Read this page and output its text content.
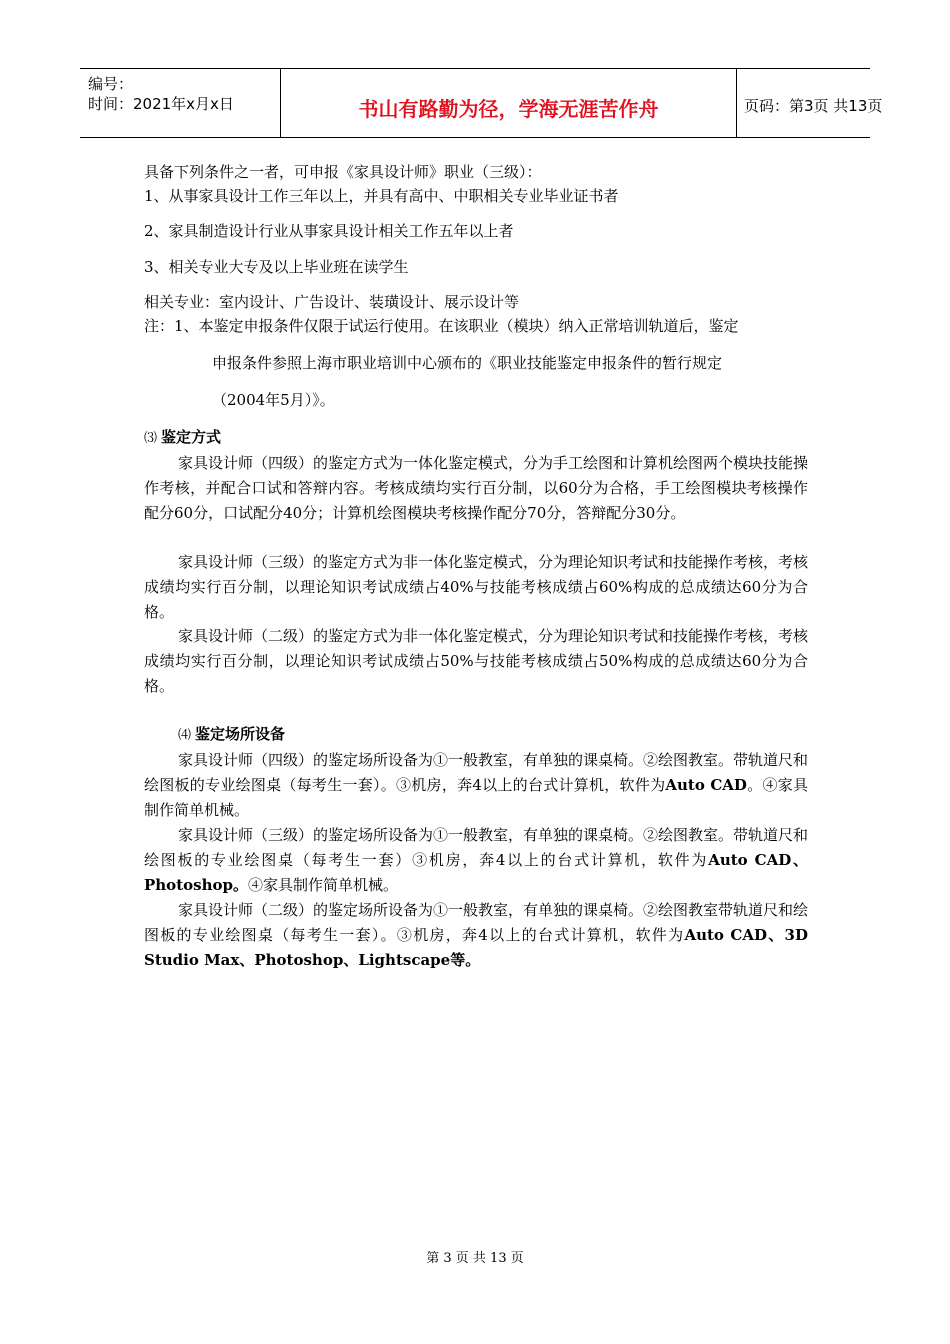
编号：
时间：2021年x月x日	书山有路勤为径，学海无涯苦作舟	页码：第3页 共13页
具备下列条件之一者，可申报《家具设计师》职业（三级）：
1、从事家具设计工作三年以上，并具有高中、中职相关专业毕业证书者
2、家具制造设计行业从事家具设计相关工作五年以上者
3、相关专业大专及以上毕业班在读学生
相关专业：室内设计、广告设计、装璜设计、展示设计等
注：1、本鉴定申报条件仅限于试运行使用。在该职业（模块）纳入正常培训轨道后，鉴定
申报条件参照上海市职业培训中心颁布的《职业技能鉴定申报条件的暂行规定
（2004年5月）》。
⑶ 鉴定方式
家具设计师（四级）的鉴定方式为一体化鉴定模式，分为手工绘图和计算机绘图两个模块技能操作考核，并配合口试和答辩内容。考核成绩均实行百分制，以60分为合格，手工绘图模块考核操作配分60分，口试配分40分；计算机绘图模块考核操作配分70分，答辩配分30分。
家具设计师（三级）的鉴定方式为非一体化鉴定模式，分为理论知识考试和技能操作考核，考核成绩均实行百分制，以理论知识考试成绩占40%与技能考核成绩占60%构成的总成绩达60分为合格。
家具设计师（二级）的鉴定方式为非一体化鉴定模式，分为理论知识考试和技能操作考核，考核成绩均实行百分制，以理论知识考试成绩占50%与技能考核成绩占50%构成的总成绩达60分为合格。
⑷ 鉴定场所设备
家具设计师（四级）的鉴定场所设备为①一般教室，有单独的课桌椅。②绘图教室。带轨道尺和绘图板的专业绘图桌（每考生一套）。③机房，奔4以上的台式计算机，软件为Auto CAD。④家具制作简单机械。
家具设计师（三级）的鉴定场所设备为①一般教室，有单独的课桌椅。②绘图教室。带轨道尺和绘图板的专业绘图桌（每考生一套）③机房，奔4以上的台式计算机，软件为Auto CAD、Photoshop。④家具制作简单机械。
家具设计师（二级）的鉴定场所设备为①一般教室，有单独的课桌椅。②绘图教室带轨道尺和绘图板的专业绘图桌（每考生一套）。③机房，奔4以上的台式计算机，软件为Auto CAD、3D Studio Max、Photoshop、Lightscape等。
第 3 页 共 13 页
